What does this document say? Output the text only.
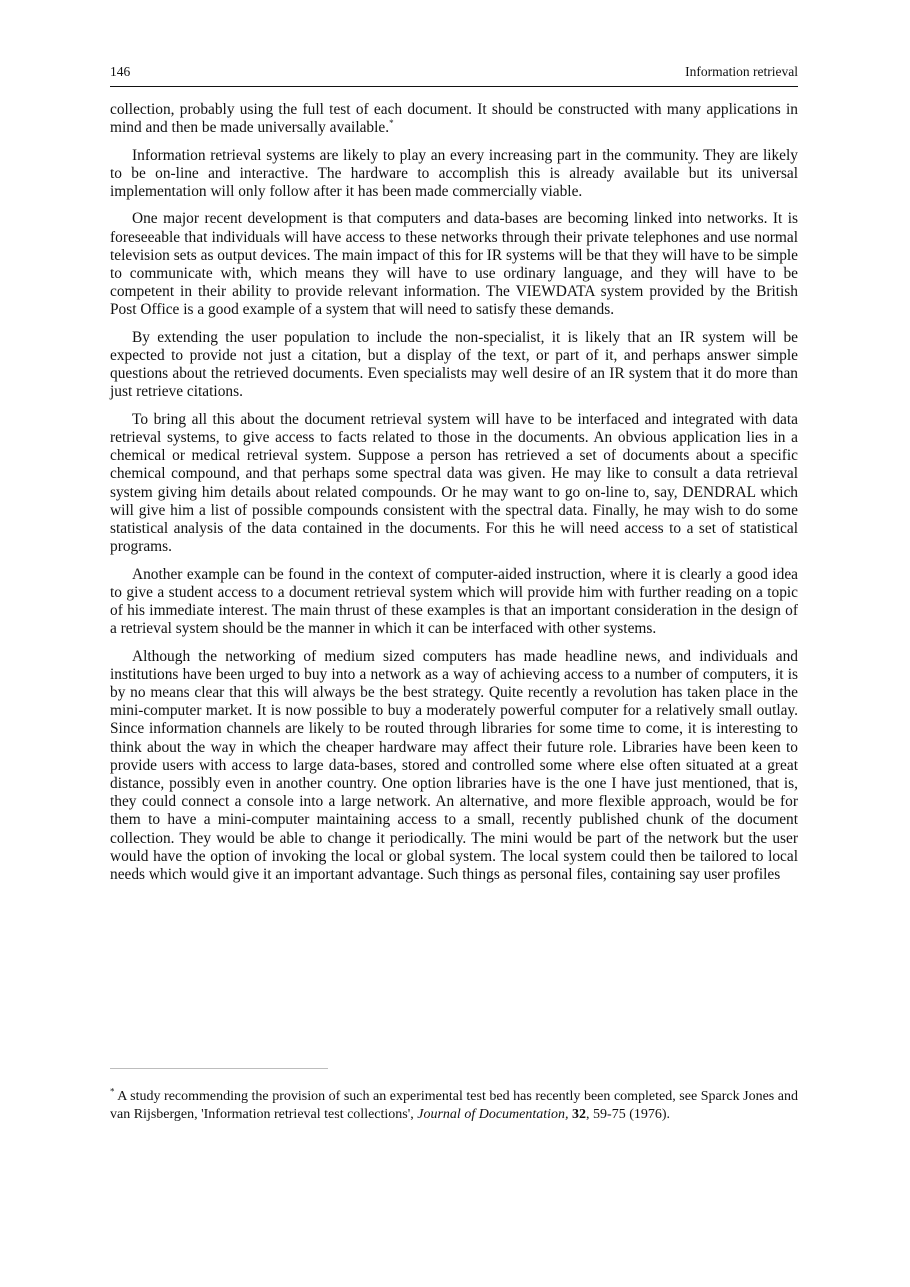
146	Information retrieval

collection, probably using the full test of each document. It should be constructed with many applications in mind and then be made universally available.*

Information retrieval systems are likely to play an every increasing part in the community. They are likely to be on-line and interactive. The hardware to accomplish this is already available but its universal implementation will only follow after it has been made commercially viable.

One major recent development is that computers and data-bases are becoming linked into networks. It is foreseeable that individuals will have access to these networks through their private telephones and use normal television sets as output devices. The main impact of this for IR systems will be that they will have to be simple to communicate with, which means they will have to use ordinary language, and they will have to be competent in their ability to provide relevant information. The VIEWDATA system provided by the British Post Office is a good example of a system that will need to satisfy these demands.

By extending the user population to include the non-specialist, it is likely that an IR system will be expected to provide not just a citation, but a display of the text, or part of it, and perhaps answer simple questions about the retrieved documents. Even specialists may well desire of an IR system that it do more than just retrieve citations.

To bring all this about the document retrieval system will have to be interfaced and integrated with data retrieval systems, to give access to facts related to those in the documents. An obvious application lies in a chemical or medical retrieval system. Suppose a person has retrieved a set of documents about a specific chemical compound, and that perhaps some spectral data was given. He may like to consult a data retrieval system giving him details about related compounds. Or he may want to go on-line to, say, DENDRAL which will give him a list of possible compounds consistent with the spectral data. Finally, he may wish to do some statistical analysis of the data contained in the documents. For this he will need access to a set of statistical programs.

Another example can be found in the context of computer-aided instruction, where it is clearly a good idea to give a student access to a document retrieval system which will provide him with further reading on a topic of his immediate interest. The main thrust of these examples is that an important consideration in the design of a retrieval system should be the manner in which it can be interfaced with other systems.

Although the networking of medium sized computers has made headline news, and individuals and institutions have been urged to buy into a network as a way of achieving access to a number of computers, it is by no means clear that this will always be the best strategy. Quite recently a revolution has taken place in the mini-computer market. It is now possible to buy a moderately powerful computer for a relatively small outlay. Since information channels are likely to be routed through libraries for some time to come, it is interesting to think about the way in which the cheaper hardware may affect their future role. Libraries have been keen to provide users with access to large data-bases, stored and controlled some where else often situated at a great distance, possibly even in another country. One option libraries have is the one I have just mentioned, that is, they could connect a console into a large network. An alternative, and more flexible approach, would be for them to have a mini-computer maintaining access to a small, recently published chunk of the document collection. They would be able to change it periodically. The mini would be part of the network but the user would have the option of invoking the local or global system. The local system could then be tailored to local needs which would give it an important advantage. Such things as personal files, containing say user profiles

* A study recommending the provision of such an experimental test bed has recently been completed, see Sparck Jones and van Rijsbergen, 'Information retrieval test collections', Journal of Documentation, 32, 59-75 (1976).
